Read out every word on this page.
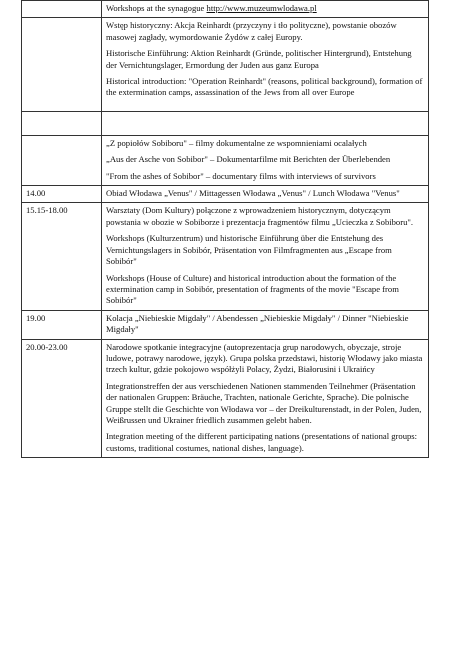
	Workshops at the synagogue http://www.muzeumwlodawa.pl

	Wstęp historyczny: Akcja Reinhardt (przyczyny i tło polityczne), powstanie obozów masowej zagłady, wymordowanie Żydów z całej Europy.

Historische Einführung: Aktion Reinhardt (Gründe, politischer Hintergrund), Entstehung der Vernichtungslager, Ermordung der Juden aus ganz Europa

Historical introduction: "Operation Reinhardt" (reasons, political background), formation of the extermination camps, assassination of the Jews from all over Europe

	„Z popiołów Sobiboru" – filmy dokumentalne ze wspomnieniami ocalałych

„Aus der Asche von Sobibor" – Dokumentarfilme mit Berichten der Überlebenden

"From the ashes of Sobibor" – documentary films with interviews of survivors

14.00	Obiad Włodawa „Venus" / Mittagessen Włodawa „Venus" / Lunch Włodawa "Venus"

15.15-18.00	Warsztaty (Dom Kultury) połączone z wprowadzeniem historycznym, dotyczącym powstania w obozie w Sobiborze i prezentacja fragmentów filmu „Ucieczka z Sobiboru".

Workshops (Kulturzentrum) und historische Einführung über die Entstehung des Vernichtungslagers in Sobibór, Präsentation von Filmfragmenten aus „Escape from Sobibór"

Workshops (House of Culture) and historical introduction about the formation of the extermination camp in Sobibór, presentation of fragments of the movie "Escape from Sobibór"

19.00	Kolacja „Niebieskie Migdały" / Abendessen „Niebieskie Migdały" / Dinner "Niebieskie Migdały"

20.00-23.00	Narodowe spotkanie integracyjne (autoprezentacja grup narodowych, obyczaje, stroje ludowe, potrawy narodowe, język). Grupa polska przedstawi, historię Włodawy jako miasta trzech kultur, gdzie pokojowo współżyli Polacy, Żydzi, Białorusini i Ukraińcy

Integrationstreffen der aus verschiedenen Nationen stammenden Teilnehmer (Präsentation der nationalen Gruppen: Bräuche, Trachten, nationale Gerichte, Sprache). Die polnische Gruppe stellt die Geschichte von Włodawa vor – der Dreikulturenstadt, in der Polen, Juden, Weißrussen und Ukrainer friedlich zusammen gelebt haben.

Integration meeting of the different participating nations (presentations of national groups: customs, traditional costumes, national dishes, language).
